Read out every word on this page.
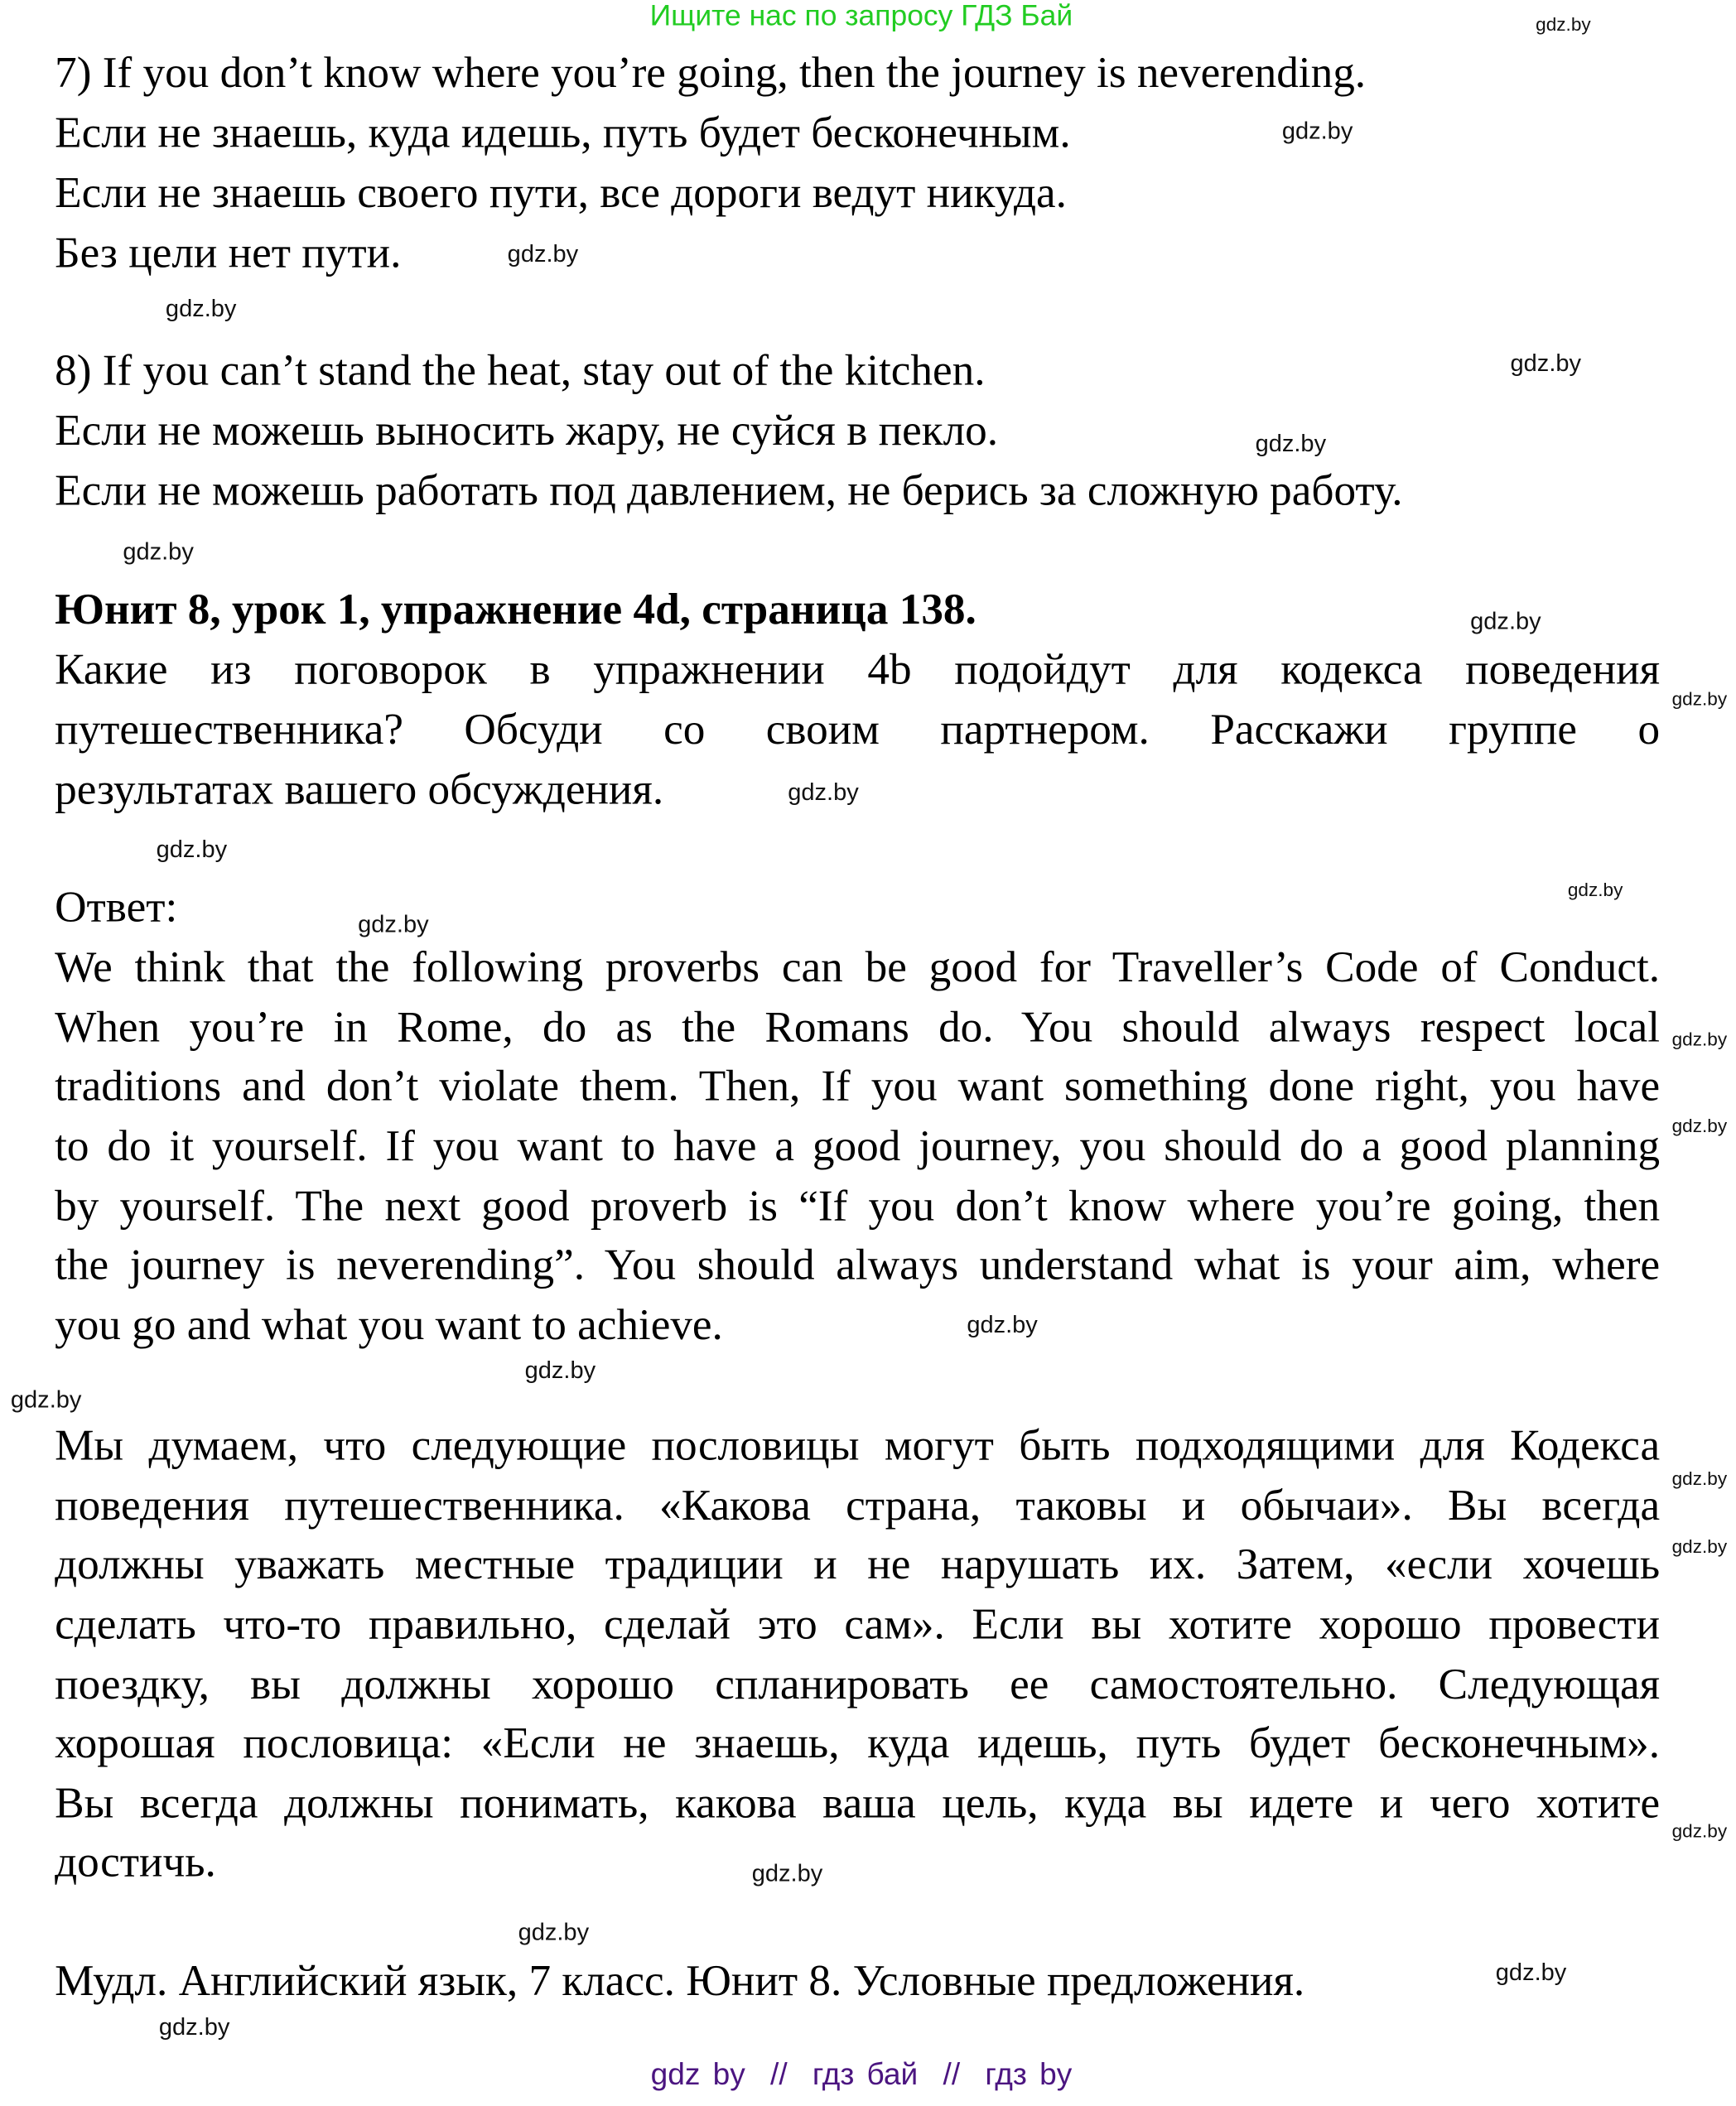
Ищите нас по запросу ГДЗ Бай
7) If you don’t know where you’re going, then the journey is neverending.
Если не знаешь, куда идешь, путь будет бесконечным.
Если не знаешь своего пути, все дороги ведут никуда.
Без цели нет пути.
8) If you can’t stand the heat, stay out of the kitchen.
Если не можешь выносить жару, не суйся в пекло.
Если не можешь работать под давлением, не берись за сложную работу.
Юнит 8, урок 1, упражнение 4d, страница 138.
Какие из поговорок в упражнении 4b подойдут для кодекса поведения
путешественника? Обсуди со своим партнером. Расскажи группе о
результатах вашего обсуждения.
Ответ:
We think that the following proverbs can be good for Traveller’s Code of Conduct.
When you’re in Rome, do as the Romans do. You should always respect local
traditions and don’t violate them. Then, If you want something done right, you have
to do it yourself. If you want to have a good journey, you should do a good planning
by yourself. The next good proverb is “If you don’t know where you’re going, then
the journey is neverending”. You should always understand what is your aim, where
you go and what you want to achieve.
Мы думаем, что следующие пословицы могут быть подходящими для Кодекса
поведения путешественника. «Какова страна, таковы и обычаи». Вы всегда
должны уважать местные традиции и не нарушать их. Затем, «если хочешь
сделать что-то правильно, сделай это сам». Если вы хотите хорошо провести
поездку, вы должны хорошо спланировать ее самостоятельно. Следующая
хорошая пословица: «Если не знаешь, куда идешь, путь будет бесконечным».
Вы всегда должны понимать, какова ваша цель, куда вы идете и чего хотите
достичь.
Мудл. Английский язык, 7 класс. Юнит 8. Условные предложения.
gdz.by
gdz.by
gdz.by
gdz.by
gdz.by
gdz.by
gdz.by
gdz.by
gdz.by
gdz.by
gdz.by
gdz.by
gdz.by
gdz.by
gdz.by
gdz.by
gdz.by
gdz.by
gdz.by
gdz.by
gdz.by
gdz.by
gdz.by
gdz.by
gdz.by
gdz by  //  гдз бай  //  гдз by
